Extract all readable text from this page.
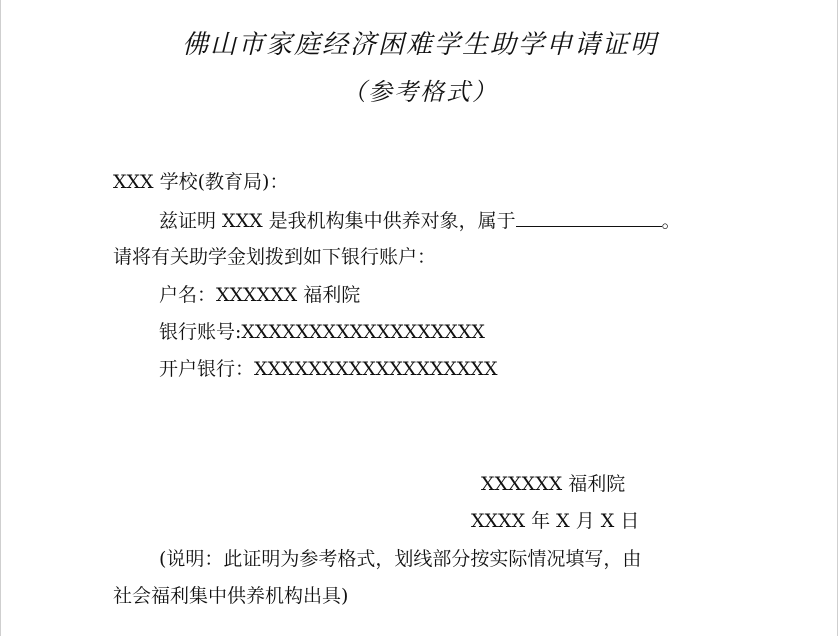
佛山市家庭经济困难学生助学申请证明
（参考格式）
XXX 学校(教育局)：
兹证明 XXX 是我机构集中供养对象，属于	。
请将有关助学金划拨到如下银行账户：
户名：XXXXXX 福利院
银行账号:XXXXXXXXXXXXXXXXXX
开户银行：XXXXXXXXXXXXXXXXXX
XXXXXX 福利院
XXXX 年 X 月 X 日
(说明：此证明为参考格式，划线部分按实际情况填写，由
社会福利集中供养机构出具)
